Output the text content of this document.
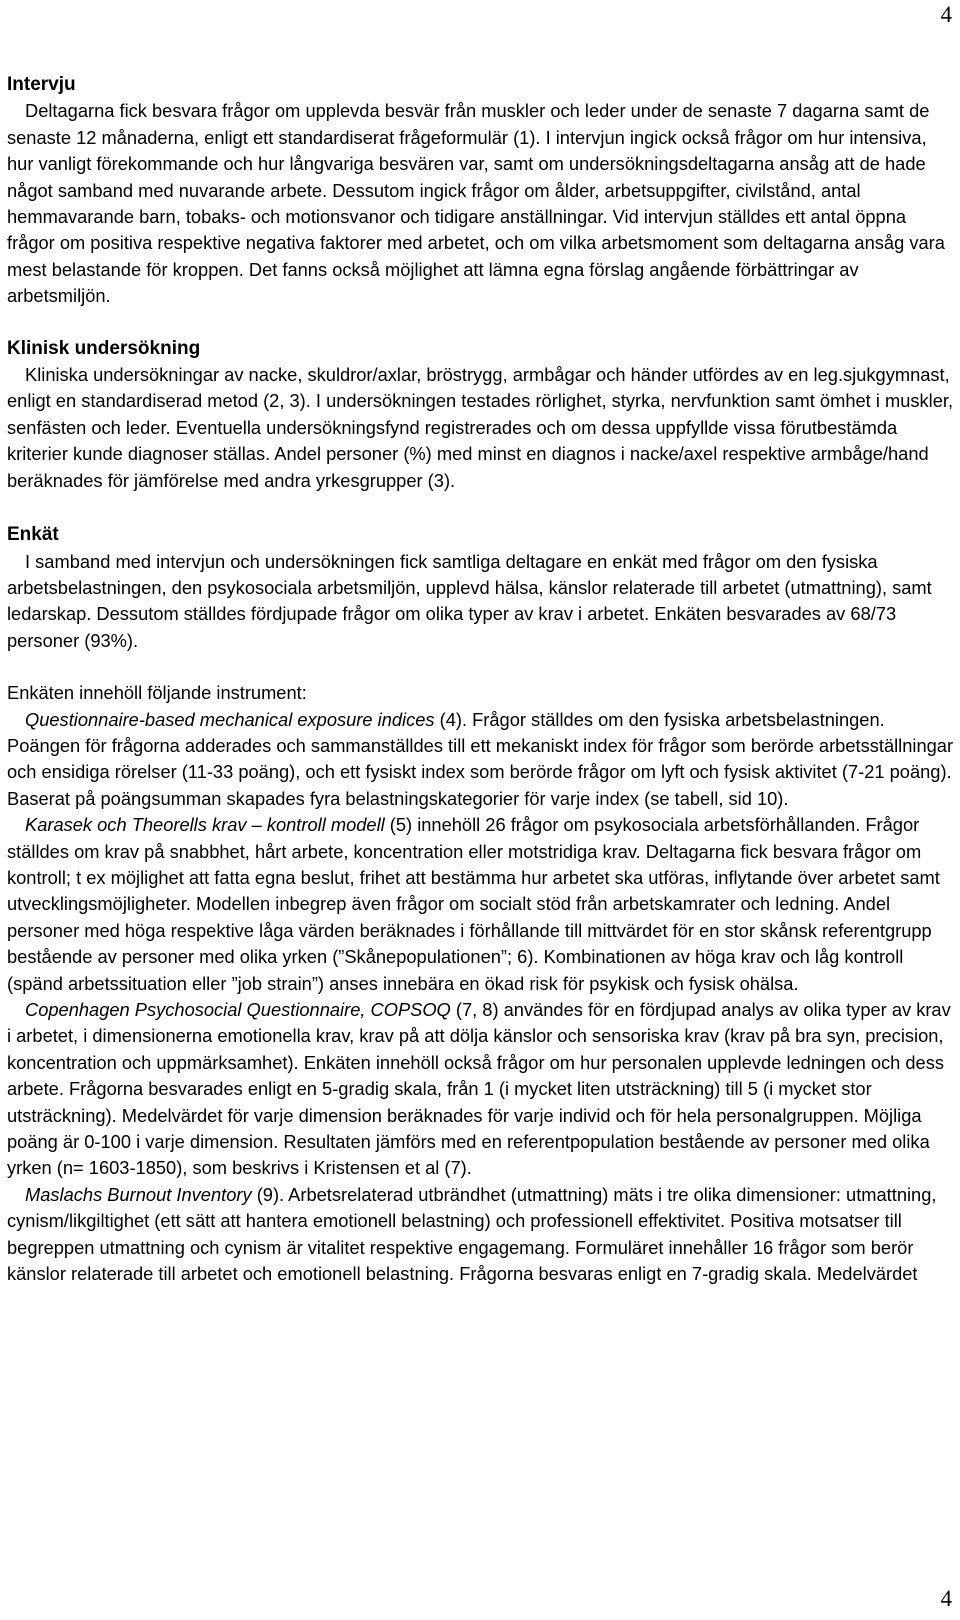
4
Intervju

Deltagarna fick besvara frågor om upplevda besvär från muskler och leder under de senaste 7 dagarna samt de senaste 12 månaderna, enligt ett standardiserat frågeformulär (1). I intervjun ingick också frågor om hur intensiva, hur vanligt förekommande och hur långvariga besvären var, samt om undersökningsdeltagarna ansåg att de hade något samband med nuvarande arbete. Dessutom ingick frågor om ålder, arbetsuppgifter, civilstånd, antal hemmavarande barn, tobaks- och motionsvanor och tidigare anställningar. Vid intervjun ställdes ett antal öppna frågor om positiva respektive negativa faktorer med arbetet, och om vilka arbetsmoment som deltagarna ansåg vara mest belastande för kroppen. Det fanns också möjlighet att lämna egna förslag angående förbättringar av arbetsmiljön.

Klinisk undersökning

Kliniska undersökningar av nacke, skuldror/axlar, bröstrygg, armbågar och händer utfördes av en leg.sjukgymnast, enligt en standardiserad metod (2, 3). I undersökningen testades rörlighet, styrka, nervfunktion samt ömhet i muskler, senfästen och leder. Eventuella undersökningsfynd registrerades och om dessa uppfyllde vissa förutbestämda kriterier kunde diagnoser ställas. Andel personer (%) med minst en diagnos i nacke/axel respektive armbåge/hand beräknades för jämförelse med andra yrkesgrupper (3).

Enkät

I samband med intervjun och undersökningen fick samtliga deltagare en enkät med frågor om den fysiska arbetsbelastningen, den psykosociala arbetsmiljön, upplevd hälsa, känslor relaterade till arbetet (utmattning), samt ledarskap. Dessutom ställdes fördjupade frågor om olika typer av krav i arbetet. Enkäten besvarades av 68/73 personer (93%).

Enkäten innehöll följande instrument:

Questionnaire-based mechanical exposure indices (4). Frågor ställdes om den fysiska arbetsbelastningen. Poängen för frågorna adderades och sammanställdes till ett mekaniskt index för frågor som berörde arbetsställningar och ensidiga rörelser (11-33 poäng), och ett fysiskt index som berörde frågor om lyft och fysisk aktivitet (7-21 poäng). Baserat på poängsumman skapades fyra belastningskategorier för varje index (se tabell, sid 10).

Karasek och Theorells krav – kontroll modell (5) innehöll 26 frågor om psykosociala arbetsförhållanden. Frågor ställdes om krav på snabbhet, hårt arbete, koncentration eller motstridiga krav. Deltagarna fick besvara frågor om kontroll; t ex möjlighet att fatta egna beslut, frihet att bestämma hur arbetet ska utföras, inflytande över arbetet samt utvecklingsmöjligheter. Modellen inbegrep även frågor om socialt stöd från arbetskamrater och ledning. Andel personer med höga respektive låga värden beräknades i förhållande till mittvärdet för en stor skånsk referentgrupp bestående av personer med olika yrken (”Skånepopulationen”; 6). Kombinationen av höga krav och låg kontroll (spänd arbetssituation eller ”job strain”) anses innebära en ökad risk för psykisk och fysisk ohälsa.

Copenhagen Psychosocial Questionnaire, COPSOQ (7, 8) användes för en fördjupad analys av olika typer av krav i arbetet, i dimensionerna emotionella krav, krav på att dölja känslor och sensoriska krav (krav på bra syn, precision, koncentration och uppmärksamhet). Enkäten innehöll också frågor om hur personalen upplevde ledningen och dess arbete. Frågorna besvarades enligt en 5-gradig skala, från 1 (i mycket liten utsträckning) till 5 (i mycket stor utsträckning). Medelvärdet för varje dimension beräknades för varje individ och för hela personalgruppen. Möjliga poäng är 0-100 i varje dimension. Resultaten jämförs med en referentpopulation bestående av personer med olika yrken (n= 1603-1850), som beskrivs i Kristensen et al (7).

Maslachs Burnout Inventory (9). Arbetsrelaterad utbrändhet (utmattning) mäts i tre olika dimensioner: utmattning, cynism/likgiltighet (ett sätt att hantera emotionell belastning) och professionell effektivitet. Positiva motsatser till begreppen utmattning och cynism är vitalitet respektive engagemang. Formuläret innehåller 16 frågor som berör känslor relaterade till arbetet och emotionell belastning. Frågorna besvaras enligt en 7-gradig skala. Medelvärdet

4
